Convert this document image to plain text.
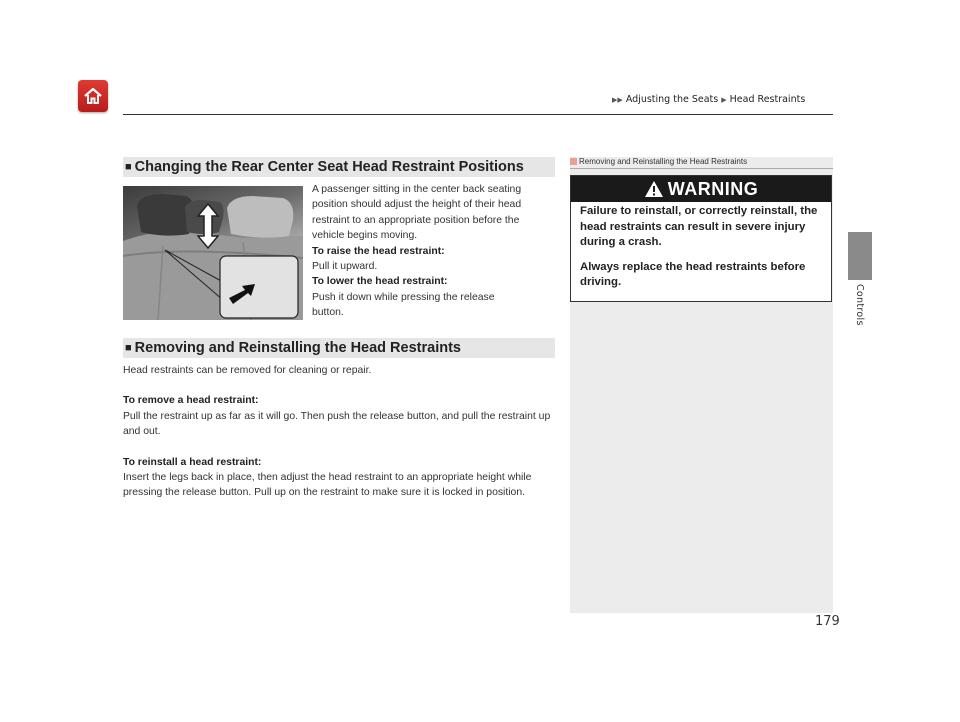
▶▶ Adjusting the Seats ▶ Head Restraints
Controls
■ Changing the Rear Center Seat Head Restraint Positions

A passenger sitting in the center back seating position should adjust the height of their head restraint to an appropriate position before the vehicle begins moving.

To raise the head restraint:

Pull it upward.

To lower the head restraint:

Push it down while pressing the release button.

■ Removing and Reinstalling the Head Restraints

Head restraints can be removed for cleaning or repair.

To remove a head restraint:

Pull the restraint up as far as it will go. Then push the release button, and pull the restraint up and out.

To reinstall a head restraint:

Insert the legs back in place, then adjust the head restraint to an appropriate height while pressing the release button. Pull up on the restraint to make sure it is locked in position.

Removing and Reinstalling the Head Restraints
WARNING

Failure to reinstall, or correctly reinstall, the head restraints can result in severe injury during a crash.

Always replace the head restraints before driving.

179
